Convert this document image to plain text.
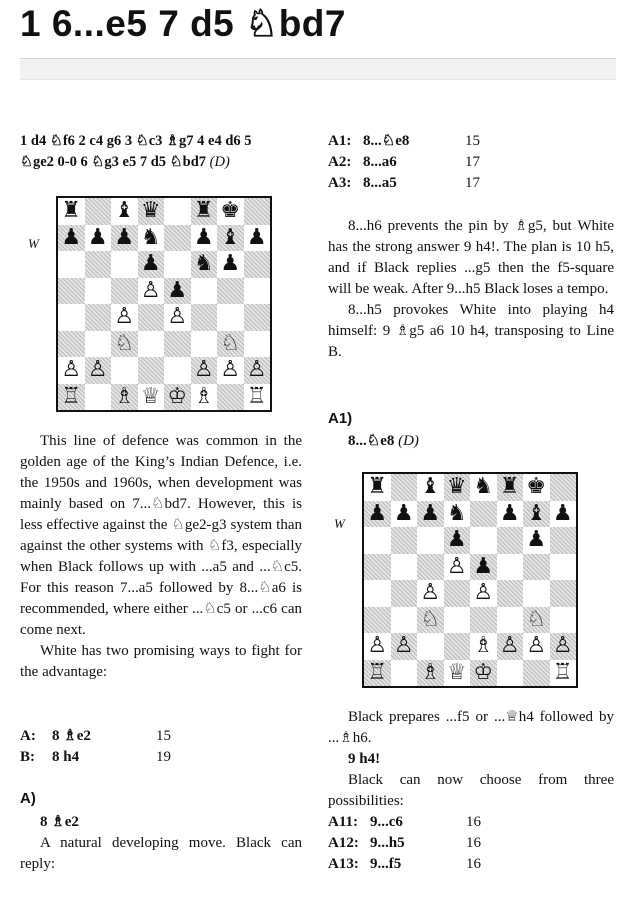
1 6...e5 7 d5 ♘bd7
1 d4 ♘f6 2 c4 g6 3 ♘c3 ♗g7 4 e4 d6 5
♘ge2 0-0 6 ♘g3 e5 7 d5 ♘bd7 (D)
A1: 8...♘e8	15
A2: 8...a6	17
A3: 8...a5	17
W
♜ ♝ ♛ ♜ ♚
♟ ♟ ♟ ♞ ♟ ♝ ♟
♟ ♞ ♟
♙ ♟
♙ ♙
♘	♘
♙ ♙	♙ ♙ ♙
♖ ♗ ♕ ♔ ♗ ♖

This line of defence was common in the golden age of the King’s Indian Defence, i.e. the 1950s and 1960s, when development was mainly based on 7...♘bd7. However, this is less effective against the ♘ge2-g3 system than against the other systems with ♘f3, especially when Black follows up with ...a5 and ...♘c5. For this reason 7...a5 followed by 8...♘a6 is recommended, where either ...♘c5 or ...c6 can come next.

White has two promising ways to fight for the advantage:

A:	8 ♗e2	15
B:	8 h4	19
A)
8 ♗e2

A natural developing move. Black can reply:

8...h6 prevents the pin by ♗g5, but White has the strong answer 9 h4!. The plan is 10 h5, and if Black replies ...g5 then the f5-square will be weak. After 9...h5 Black loses a tempo.

8...h5 provokes White into playing h4 himself: 9 ♗g5 a6 10 h4, transposing to Line B.

A1)
8...♘e8 (D)
W
♜ ♝ ♛ ♞ ♜ ♚
♟ ♟ ♟ ♞ ♟ ♝ ♟
♟	♟
♙ ♟
♙ ♙
♘	♘
♙ ♙	♗ ♙ ♙ ♙
♖ ♗ ♕ ♔	♖

Black prepares ...f5 or ...♕h4 followed by ...♗h6.

9 h4!

Black can now choose from three possibilities:

A11: 9...c6	16
A12: 9...h5	16
A13: 9...f5	16
